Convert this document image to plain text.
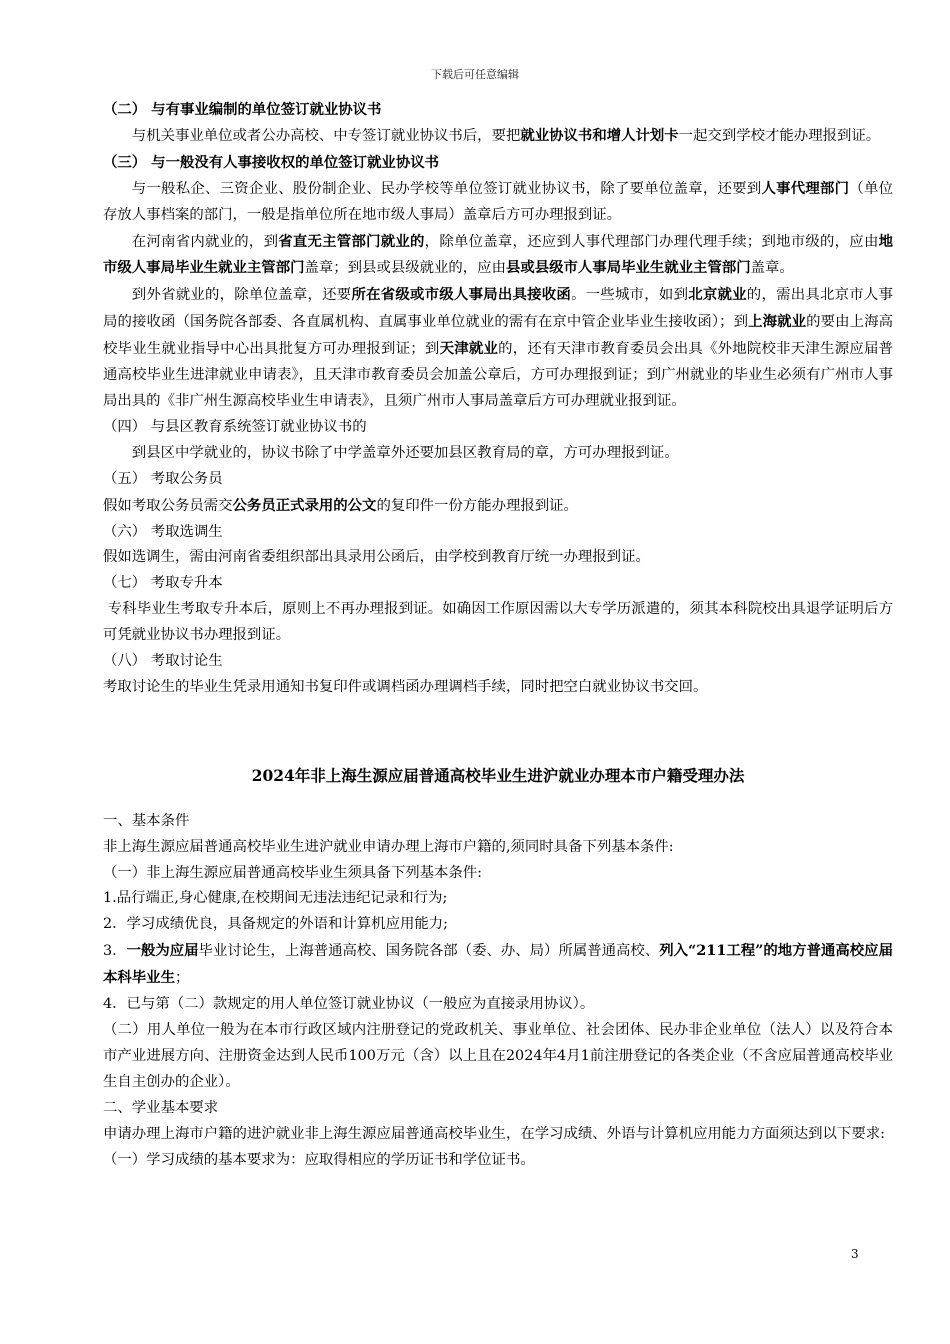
下载后可任意编辑

（二） 与有事业编制的单位签订就业协议书

与机关事业单位或者公办高校、中专签订就业协议书后，要把就业协议书和增人计划卡一起交到学校才能办理报到证。

（三） 与一般没有人事接收权的单位签订就业协议书

与一般私企、三资企业、股份制企业、民办学校等单位签订就业协议书，除了要单位盖章，还要到人事代理部门（单位存放人事档案的部门，一般是指单位所在地市级人事局）盖章后方可办理报到证。

在河南省内就业的，到省直无主管部门就业的，除单位盖章，还应到人事代理部门办理代理手续；到地市级的，应由地市级人事局毕业生就业主管部门盖章；到县或县级就业的，应由县或县级市人事局毕业生就业主管部门盖章。

到外省就业的，除单位盖章，还要所在省级或市级人事局出具接收函。一些城市，如到北京就业的，需出具北京市人事局的接收函（国务院各部委、各直属机构、直属事业单位就业的需有在京中管企业毕业生接收函）；到上海就业的要由上海高校毕业生就业指导中心出具批复方可办理报到证；到天津就业的，还有天津市教育委员会出具《外地院校非天津生源应届普通高校毕业生进津就业申请表》，且天津市教育委员会加盖公章后，方可办理报到证；到广州就业的毕业生必须有广州市人事局出具的《非广州生源高校毕业生申请表》，且须广州市人事局盖章后方可办理就业报到证。

（四） 与县区教育系统签订就业协议书的

到县区中学就业的，协议书除了中学盖章外还要加县区教育局的章，方可办理报到证。

（五） 考取公务员

假如考取公务员需交公务员正式录用的公文的复印件一份方能办理报到证。

（六） 考取选调生

假如选调生，需由河南省委组织部出具录用公函后，由学校到教育厅统一办理报到证。

（七） 考取专升本

专科毕业生考取专升本后，原则上不再办理报到证。如确因工作原因需以大专学历派遣的，须其本科院校出具退学证明后方可凭就业协议书办理报到证。

（八） 考取讨论生

考取讨论生的毕业生凭录用通知书复印件或调档函办理调档手续，同时把空白就业协议书交回。

2024年非上海生源应届普通高校毕业生进沪就业办理本市户籍受理办法

一、基本条件

非上海生源应届普通高校毕业生进沪就业申请办理上海市户籍的,须同时具备下列基本条件:

（一）非上海生源应届普通高校毕业生须具备下列基本条件:

1.品行端正,身心健康,在校期间无违法违纪记录和行为;

2．学习成绩优良，具备规定的外语和计算机应用能力;

3．一般为应届毕业讨论生，上海普通高校、国务院各部（委、办、局）所属普通高校、列入“211工程”的地方普通高校应届本科毕业生；

4．已与第（二）款规定的用人单位签订就业协议（一般应为直接录用协议）。

（二）用人单位一般为在本市行政区域内注册登记的党政机关、事业单位、社会团体、民办非企业单位（法人）以及符合本市产业进展方向、注册资金达到人民币100万元（含）以上且在2024年4月1前注册登记的各类企业（不含应届普通高校毕业生自主创办的企业）。

二、学业基本要求

申请办理上海市户籍的进沪就业非上海生源应届普通高校毕业生，在学习成绩、外语与计算机应用能力方面须达到以下要求:

（一）学习成绩的基本要求为：应取得相应的学历证书和学位证书。

3
